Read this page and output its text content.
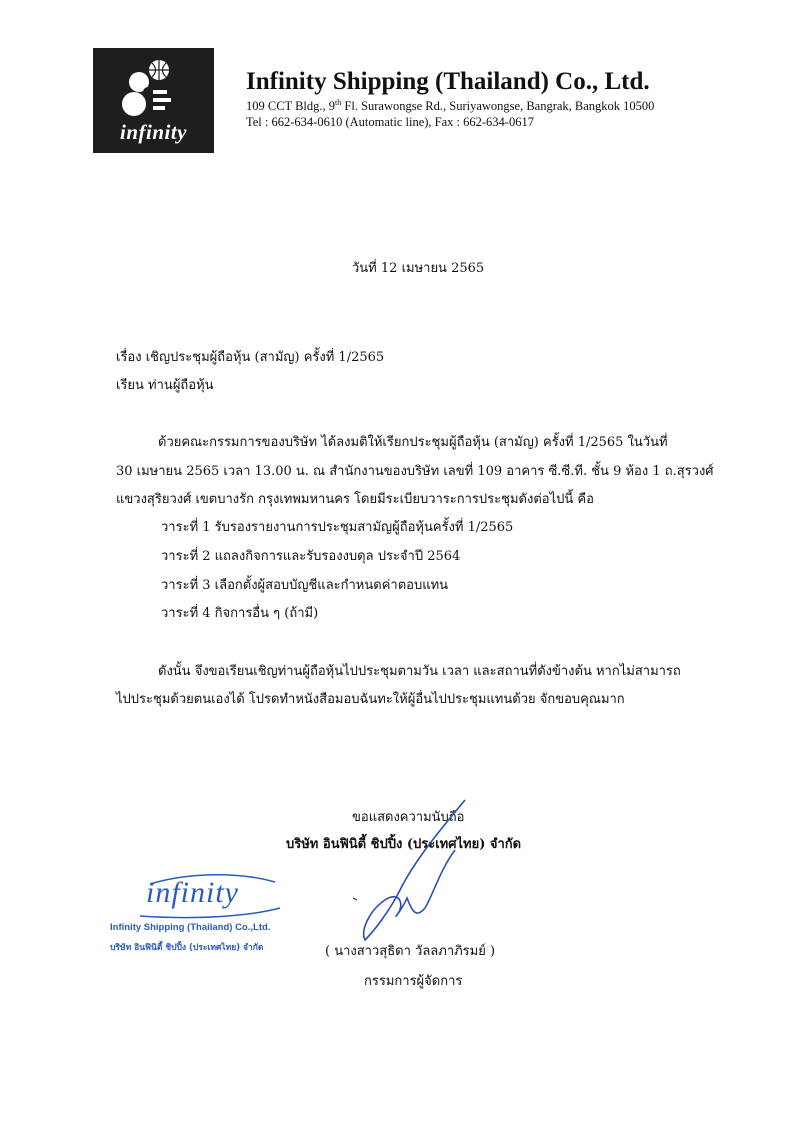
infinity
Infinity Shipping (Thailand) Co., Ltd.
109 CCT Bldg., 9th Fl. Surawongse Rd., Suriyawongse, Bangrak, Bangkok 10500
Tel : 662-634-0610 (Automatic line), Fax : 662-634-0617
วันที่ 12 เมษายน 2565
เรื่อง เชิญประชุมผู้ถือหุ้น (สามัญ) ครั้งที่ 1/2565
เรียน ท่านผู้ถือหุ้น
ด้วยคณะกรรมการของบริษัท ได้ลงมติให้เรียกประชุมผู้ถือหุ้น (สามัญ) ครั้งที่ 1/2565 ในวันที่
30 เมษายน 2565 เวลา 13.00 น. ณ สำนักงานของบริษัท เลขที่ 109 อาคาร ซี.ซี.ที. ชั้น 9 ห้อง 1 ถ.สุรวงศ์
แขวงสุริยวงศ์ เขตบางรัก กรุงเทพมหานคร โดยมีระเบียบวาระการประชุมดังต่อไปนี้ คือ
วาระที่ 1 รับรองรายงานการประชุมสามัญผู้ถือหุ้นครั้งที่ 1/2565
วาระที่ 2 แถลงกิจการและรับรองงบดุล ประจำปี 2564
วาระที่ 3 เลือกตั้งผู้สอบบัญชีและกำหนดค่าตอบแทน
วาระที่ 4 กิจการอื่น ๆ (ถ้ามี)
ดังนั้น จึงขอเรียนเชิญท่านผู้ถือหุ้นไปประชุมตามวัน เวลา และสถานที่ดังข้างต้น หากไม่สามารถ
ไปประชุมด้วยตนเองได้ โปรดทำหนังสือมอบฉันทะให้ผู้อื่นไปประชุมแทนด้วย จักขอบคุณมาก
ขอแสดงความนับถือ
บริษัท อินฟินิตี้ ชิปปิ้ง (ประเทศไทย) จำกัด
( นางสาวสุธิดา วัลลภาภิรมย์ )
กรรมการผู้จัดการ
infinity
Infinity Shipping (Thailand) Co.,Ltd.
บริษัท อินฟินิตี้ ชิปปิ้ง (ประเทศไทย) จำกัด
